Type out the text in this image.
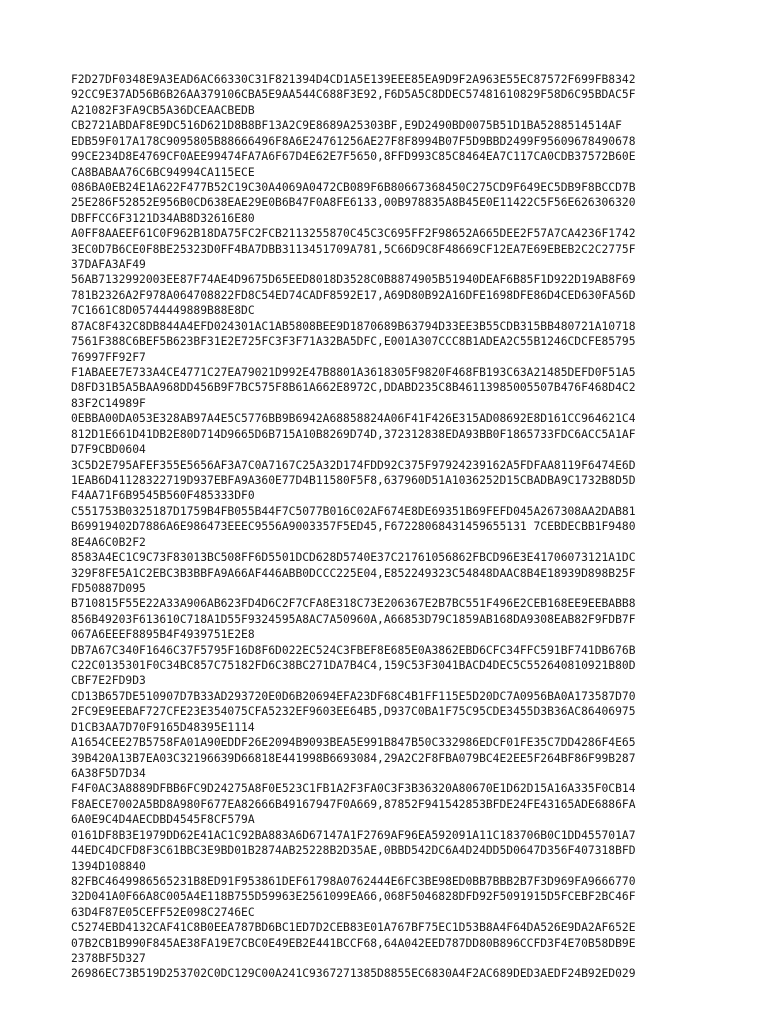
F2D27DF0348E9A3EAD6AC66330C31F821394D4CD1A5E139EEE85EA9D9F2A963E55EC87572F699FB8342
92CC9E37AD56B6B26AA379106CBA5E9AA544C688F3E92,F6D5A5C8DDEC57481610829F58D6C95BDAC5F
A21082F3FA9CB5A36DCEAACBEDB
CB2721ABDAF8E9DC516D621D8B8BF13A2C9E8689A25303BF,E9D2490BD0075B51D1BA5288514514AF
EDB59F017A178C9095805B88666496F8A6E24761256AE27F8F8994B07F5D9BBD2499F95609678490678
99CE234D8E4769CF0AEE99474FA7A6F67D4E62E7F5650,8FFD993C85C8464EA7C117CA0CDB37572B60E
CA8BABAA76C6BC94994CA115ECE
086BA0EB24E1A622F477B52C19C30A4069A0472CB089F6B80667368450C275CD9F649EC5DB9F8BCCD7B
25E286F52852E956B0CD638EAE29E0B6B47F0A8FE6133,00B978835A8B45E0E11422C5F56E626306320
DBFFCC6F3121D34AB8D32616E80
A0FF8AAEEF61C0F962B18DA75FC2FCB2113255870C45C3C695FF2F98652A665DEE2F57A7CA4236F1742
3EC0D7B6CE0F8BE25323D0FF4BA7DBB3113451709A781,5C66D9C8F48669CF12EA7E69EBEB2C2C2775F
37DAFA3AF49
56AB7132992003EE87F74AE4D9675D65EED8018D3528C0B8874905B51940DEAF6B85F1D922D19AB8F69
781B2326A2F978A064708822FD8C54ED74CADF8592E17,A69D80B92A16DFE1698DFE86D4CED630FA56D
7C1661C8D05744449889B88E8DC
87AC8F432C8DB844A4EFD024301AC1AB5808BEE9D1870689B63794D33EE3B55CDB315BB480721A10718
7561F388C6BEF5B623BF31E2E725FC3F3F71A32BA5DFC,E001A307CCC8B1ADEA2C55B1246CDCFE85795
76997FF92F7
F1ABAEE7E733A4CE4771C27EA79021D992E47B8801A3618305F9820F468FB193C63A21485DEFD0F51A5
D8FD31B5A5BAA968DD456B9F7BC575F8B61A662E8972C,DDABD235C8B46113985005507B476F468D4C2
83F2C14989F
0EBBA00DA053E328AB97A4E5C5776BB9B6942A68858824A06F41F426E315AD08692E8D161CC964621C4
812D1E661D41DB2E80D714D9665D6B715A10B8269D74D,372312838EDA93BB0F1865733FDC6ACC5A1AF
D7F9CBD0604
3C5D2E795AFEF355E5656AF3A7C0A7167C25A32D174FDD92C375F97924239162A5FDFAA8119F6474E6D
1EAB6D41128322719D937EBFA9A360E77D4B11580F5F8,637960D51A1036252D15CBADBA9C1732B8D5D
F4AA71F6B9545B560F485333DF0
C551753B0325187D1759B4FB055B44F7C5077B016C02AF674E8DE69351B69FEFD045A267308AA2DAB81
B69919402D7886A6E986473EEEC9556A9003357F5ED45,F67228068431459655131 7CEBDECBB1F9480
8E4A6C0B2F2
8583A4EC1C9C73F83013BC508FF6D5501DCD628D5740E37C21761056862FBCD96E3E41706073121A1DC
329F8FE5A1C2EBC3B3BBFA9A66AF446ABB0DCCC225E04,E852249323C54848DAAC8B4E18939D898B25F
FD50887D095
B710815F55E22A33A906AB623FD4D6C2F7CFA8E318C73E206367E2B7BC551F496E2CEB168EE9EEBABB8
856B49203F613610C718A1D55F9324595A8AC7A50960A,A66853D79C1859AB168DA9308EAB82F9FDB7F
067A6EEEF8895B4F4939751E2E8
DB7A67C340F1646C37F5795F16D8F6D022EC524C3FBEF8E685E0A3862EBD6CFC34FFC591BF741DB676B
C22C0135301F0C34BC857C75182FD6C38BC271DA7B4C4,159C53F3041BACD4DEC5C552640810921B80D
CBF7E2FD9D3
CD13B657DE510907D7B33AD293720E0D6B20694EFA23DF68C4B1FF115E5D20DC7A0956BA0A173587D70
2FC9E9EEBAF727CFE23E354075CFA5232EF9603EE64B5,D937C0BA1F75C95CDE3455D3B36AC86406975
D1CB3AA7D70F9165D48395E1114
A1654CEE27B5758FA01A90EDDF26E2094B9093BEA5E991B847B50C332986EDCF01FE35C7DD4286F4E65
39B420A13B7EA03C32196639D66818E441998B6693084,29A2C2F8FBA079BC4E2EE5F264BF86F99B287
6A38F5D7D34
F4F0AC3A8889DFBB6FC9D24275A8F0E523C1FB1A2F3FA0C3F3B36320A80670E1D62D15A16A335F0CB14
F8AECE7002A5BD8A980F677EA82666B49167947F0A669,87852F941542853BFDE24FE43165ADE6886FA
6A0E9C4D4AECDBD4545F8CF579A
0161DF8B3E1979DD62E41AC1C92BA883A6D67147A1F2769AF96EA592091A11C183706B0C1DD455701A7
44EDC4DCFD8F3C61BBC3E9BD01B2874AB25228B2D35AE,0BBD542DC6A4D24DD5D0647D356F407318BFD
1394D108840
82FBC4649986565231B8ED91F953861DEF61798A0762444E6FC3BE98ED0BB7BBB2B7F3D969FA9666770
32D041A0F66A8C005A4E118B755D59963E2561099EA66,068F5046828DFD92F5091915D5FCEBF2BC46F
63D4F87E05CEFF52E098C2746EC
C5274EBD4132CAF41C8B0EEA787BD6BC1ED7D2CEB83E01A767BF75EC1D53B8A4F64DA526E9DA2AF652E
07B2CB1B990F845AE38FA19E7CBC0E49EB2E441BCCF68,64A042EED787DD80B896CCFD3F4E70B58DB9E
2378BF5D327
26986EC73B519D253702C0DC129C00A241C9367271385D8855EC6830A4F2AC689DED3AEDF24B92ED029
